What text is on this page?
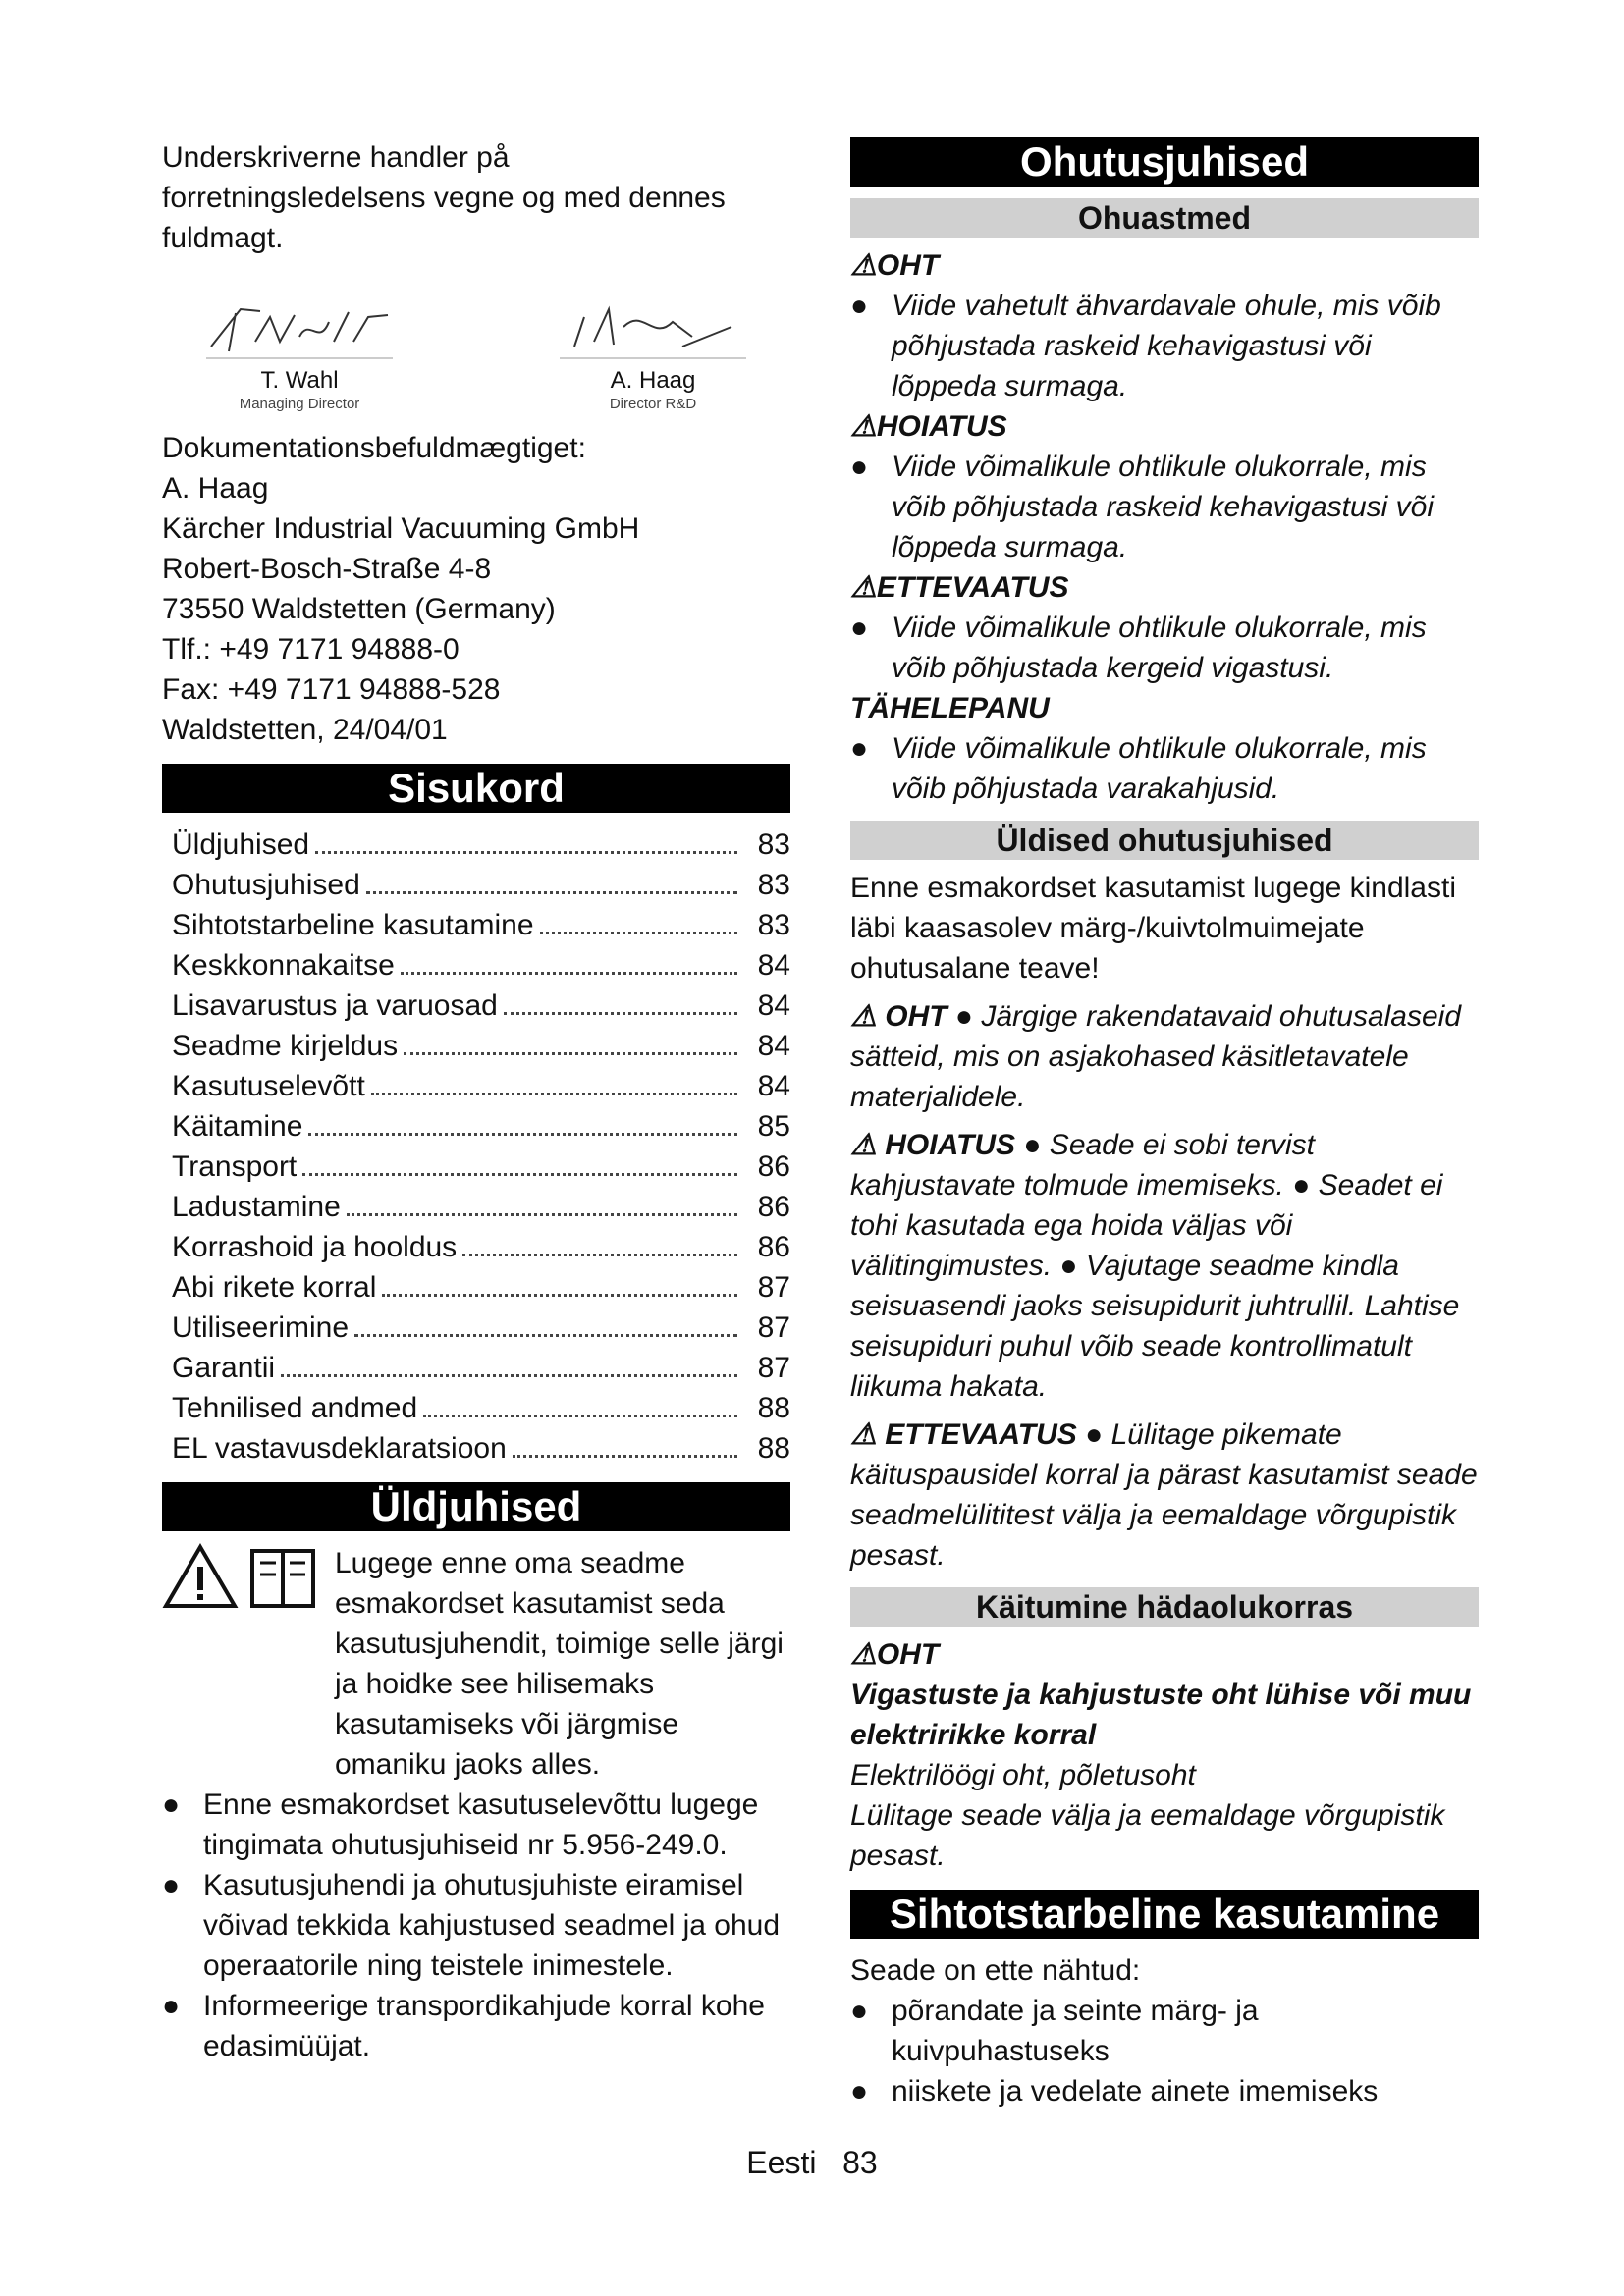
Underskriverne handler på forretningsledelsens vegne og med dennes fuldmagt.

T. Wahl
Managing Director
A. Haag
Director R&D

Dokumentationsbefuldmægtiget:

A. Haag

Kärcher Industrial Vacuuming GmbH

Robert-Bosch-Straße 4-8

73550 Waldstetten (Germany)

Tlf.: +49 7171 94888-0

Fax: +49 7171 94888-528

Waldstetten, 24/04/01

Sisukord
Üldjuhised	83
Ohutusjuhised	83
Sihtotstarbeline kasutamine	83
Keskkonnakaitse	84
Lisavarustus ja varuosad	84
Seadme kirjeldus	84
Kasutuselevõtt	84
Käitamine	85
Transport	86
Ladustamine	86
Korrashoid ja hooldus	86
Abi rikete korral	87
Utiliseerimine	87
Garantii	87
Tehnilised andmed	88
EL vastavusdeklaratsioon	88
Üldjuhised

Lugege enne oma seadme esmakordset kasutamist seda kasutusjuhendit, toimige selle järgi ja hoidke see hilisemaks kasutamiseks või järgmise omaniku jaoks alles.

● Enne esmakordset kasutuselevõttu lugege tingimata ohutusjuhiseid nr 5.956-249.0.
● Kasutusjuhendi ja ohutusjuhiste eiramisel võivad tekkida kahjustused seadmel ja ohud operaatorile ning teistele inimestele.
● Informeerige transpordikahjude korral kohe edasimüüjat.
Ohutusjuhised
Ohuastmed

⚠OHT

● Viide vahetult ähvardavale ohule, mis võib põhjustada raskeid kehavigastusi või lõppeda surmaga.

⚠HOIATUS

● Viide võimalikule ohtlikule olukorrale, mis võib põhjustada raskeid kehavigastusi või lõppeda surmaga.

⚠ETTEVAATUS

● Viide võimalikule ohtlikule olukorrale, mis võib põhjustada kergeid vigastusi.

TÄHELEPANU

● Viide võimalikule ohtlikule olukorrale, mis võib põhjustada varakahjusid.
Üldised ohutusjuhised

Enne esmakordset kasutamist lugege kindlasti läbi kaasasolev märg-/kuivtolmuimejate ohutusalane teave!

⚠ OHT ● Järgige rakendatavaid ohutusalaseid sätteid, mis on asjakohased käsitletavatele materjalidele.

⚠ HOIATUS ● Seade ei sobi tervist kahjustavate tolmude imemiseks. ● Seadet ei tohi kasutada ega hoida väljas või välitingimustes. ● Vajutage seadme kindla seisuasendi jaoks seisupidurit juhtrullil. Lahtise seisupiduri puhul võib seade kontrollimatult liikuma hakata.

⚠ ETTEVAATUS ● Lülitage pikemate käituspausidel korral ja pärast kasutamist seade seadmelülititest välja ja eemaldage võrgupistik pesast.

Käitumine hädaolukorras

⚠OHT

Vigastuste ja kahjustuste oht lühise või muu elektririkke korral

Elektrilöögi oht, põletusoht

Lülitage seade välja ja eemaldage võrgupistik pesast.

Sihtotstarbeline kasutamine

Seade on ette nähtud:

● põrandate ja seinte märg- ja kuivpuhastuseks
● niiskete ja vedelate ainete imemiseks
Eesti 83
